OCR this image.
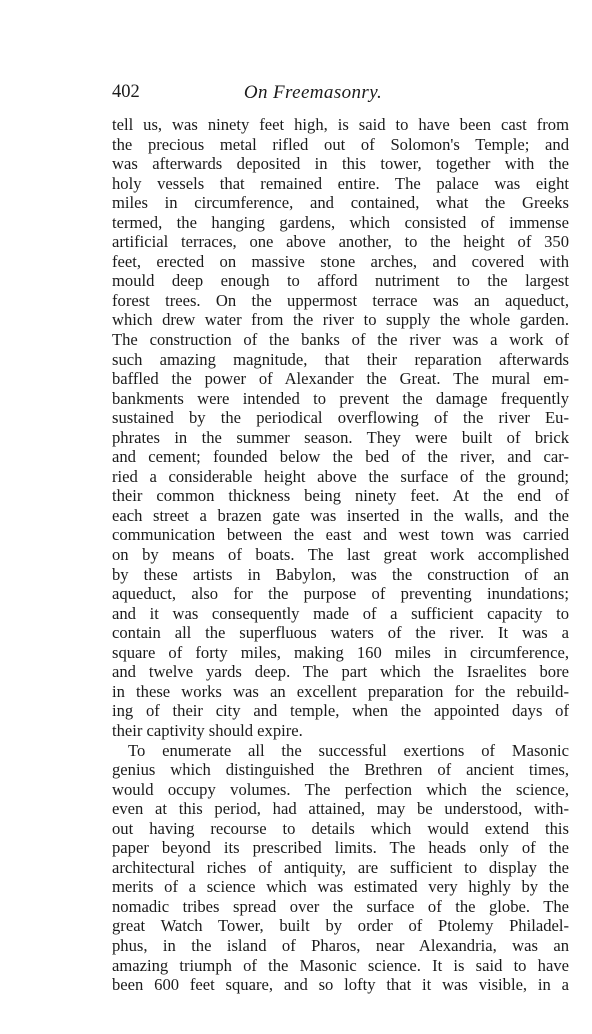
402	On Freemasonry.
tell us, was ninety feet high, is said to have been cast from
the precious metal rifled out of Solomon's Temple; and
was afterwards deposited in this tower, together with the
holy vessels that remained entire. The palace was eight
miles in circumference, and contained, what the Greeks
termed, the hanging gardens, which consisted of immense
artificial terraces, one above another, to the height of 350
feet, erected on massive stone arches, and covered with
mould deep enough to afford nutriment to the largest
forest trees. On the uppermost terrace was an aqueduct,
which drew water from the river to supply the whole garden.
The construction of the banks of the river was a work of
such amazing magnitude, that their reparation afterwards
baffled the power of Alexander the Great. The mural em-
bankments were intended to prevent the damage frequently
sustained by the periodical overflowing of the river Eu-
phrates in the summer season. They were built of brick
and cement; founded below the bed of the river, and car-
ried a considerable height above the surface of the ground;
their common thickness being ninety feet. At the end of
each street a brazen gate was inserted in the walls, and the
communication between the east and west town was carried
on by means of boats. The last great work accomplished
by these artists in Babylon, was the construction of an
aqueduct, also for the purpose of preventing inundations;
and it was consequently made of a sufficient capacity to
contain all the superfluous waters of the river. It was a
square of forty miles, making 160 miles in circumference,
and twelve yards deep. The part which the Israelites bore
in these works was an excellent preparation for the rebuild-
ing of their city and temple, when the appointed days of
their captivity should expire.
To enumerate all the successful exertions of Masonic
genius which distinguished the Brethren of ancient times,
would occupy volumes. The perfection which the science,
even at this period, had attained, may be understood, with-
out having recourse to details which would extend this
paper beyond its prescribed limits. The heads only of the
architectural riches of antiquity, are sufficient to display the
merits of a science which was estimated very highly by the
nomadic tribes spread over the surface of the globe. The
great Watch Tower, built by order of Ptolemy Philadel-
phus, in the island of Pharos, near Alexandria, was an
amazing triumph of the Masonic science. It is said to have
been 600 feet square, and so lofty that it was visible, in a
